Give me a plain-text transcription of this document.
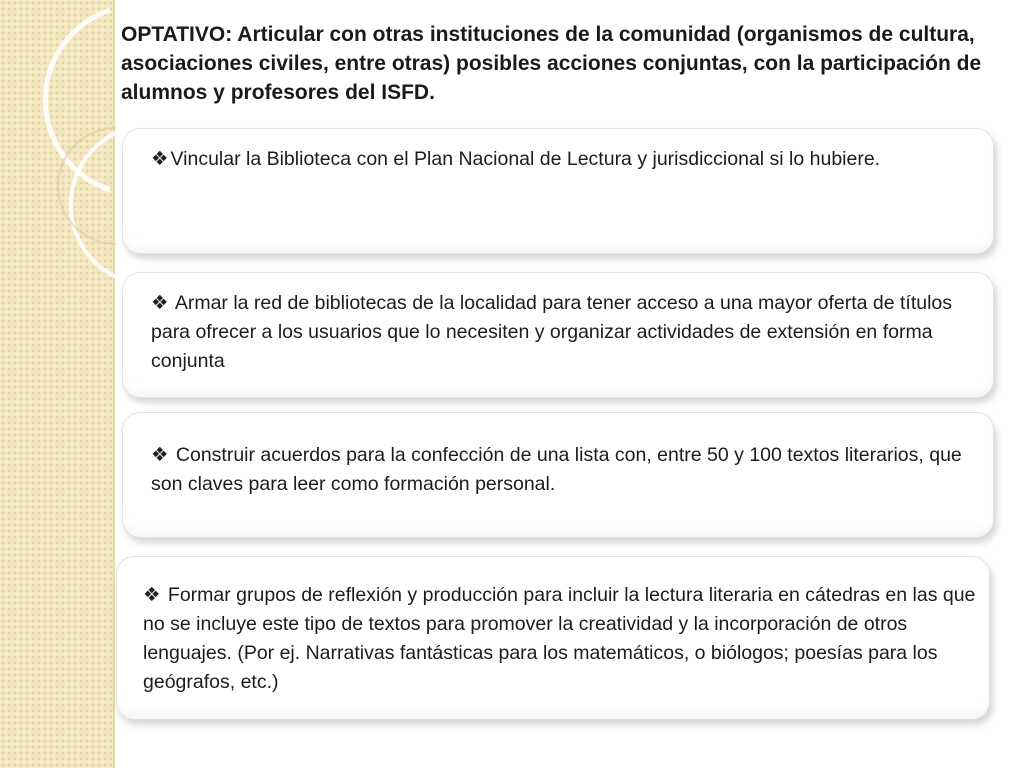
OPTATIVO: Articular con otras instituciones de la comunidad (organismos de cultura, asociaciones civiles, entre otras) posibles acciones conjuntas, con la participación de alumnos y profesores del ISFD.

❖ Vincular la Biblioteca con el Plan Nacional de Lectura y jurisdiccional si lo hubiere.

❖ Armar la red de bibliotecas de la localidad para tener acceso a una mayor oferta de títulos para ofrecer a los usuarios que lo necesiten y organizar actividades de extensión en forma conjunta

❖ Construir acuerdos para la confección de una lista con, entre 50 y 100 textos literarios, que son claves para leer como formación personal.

❖ Formar grupos de reflexión y producción para incluir la lectura literaria en cátedras en las que no se incluye este tipo de textos para promover la creatividad y la incorporación de otros lenguajes. (Por ej. Narrativas fantásticas para los matemáticos, o biólogos; poesías para los geógrafos, etc.)
